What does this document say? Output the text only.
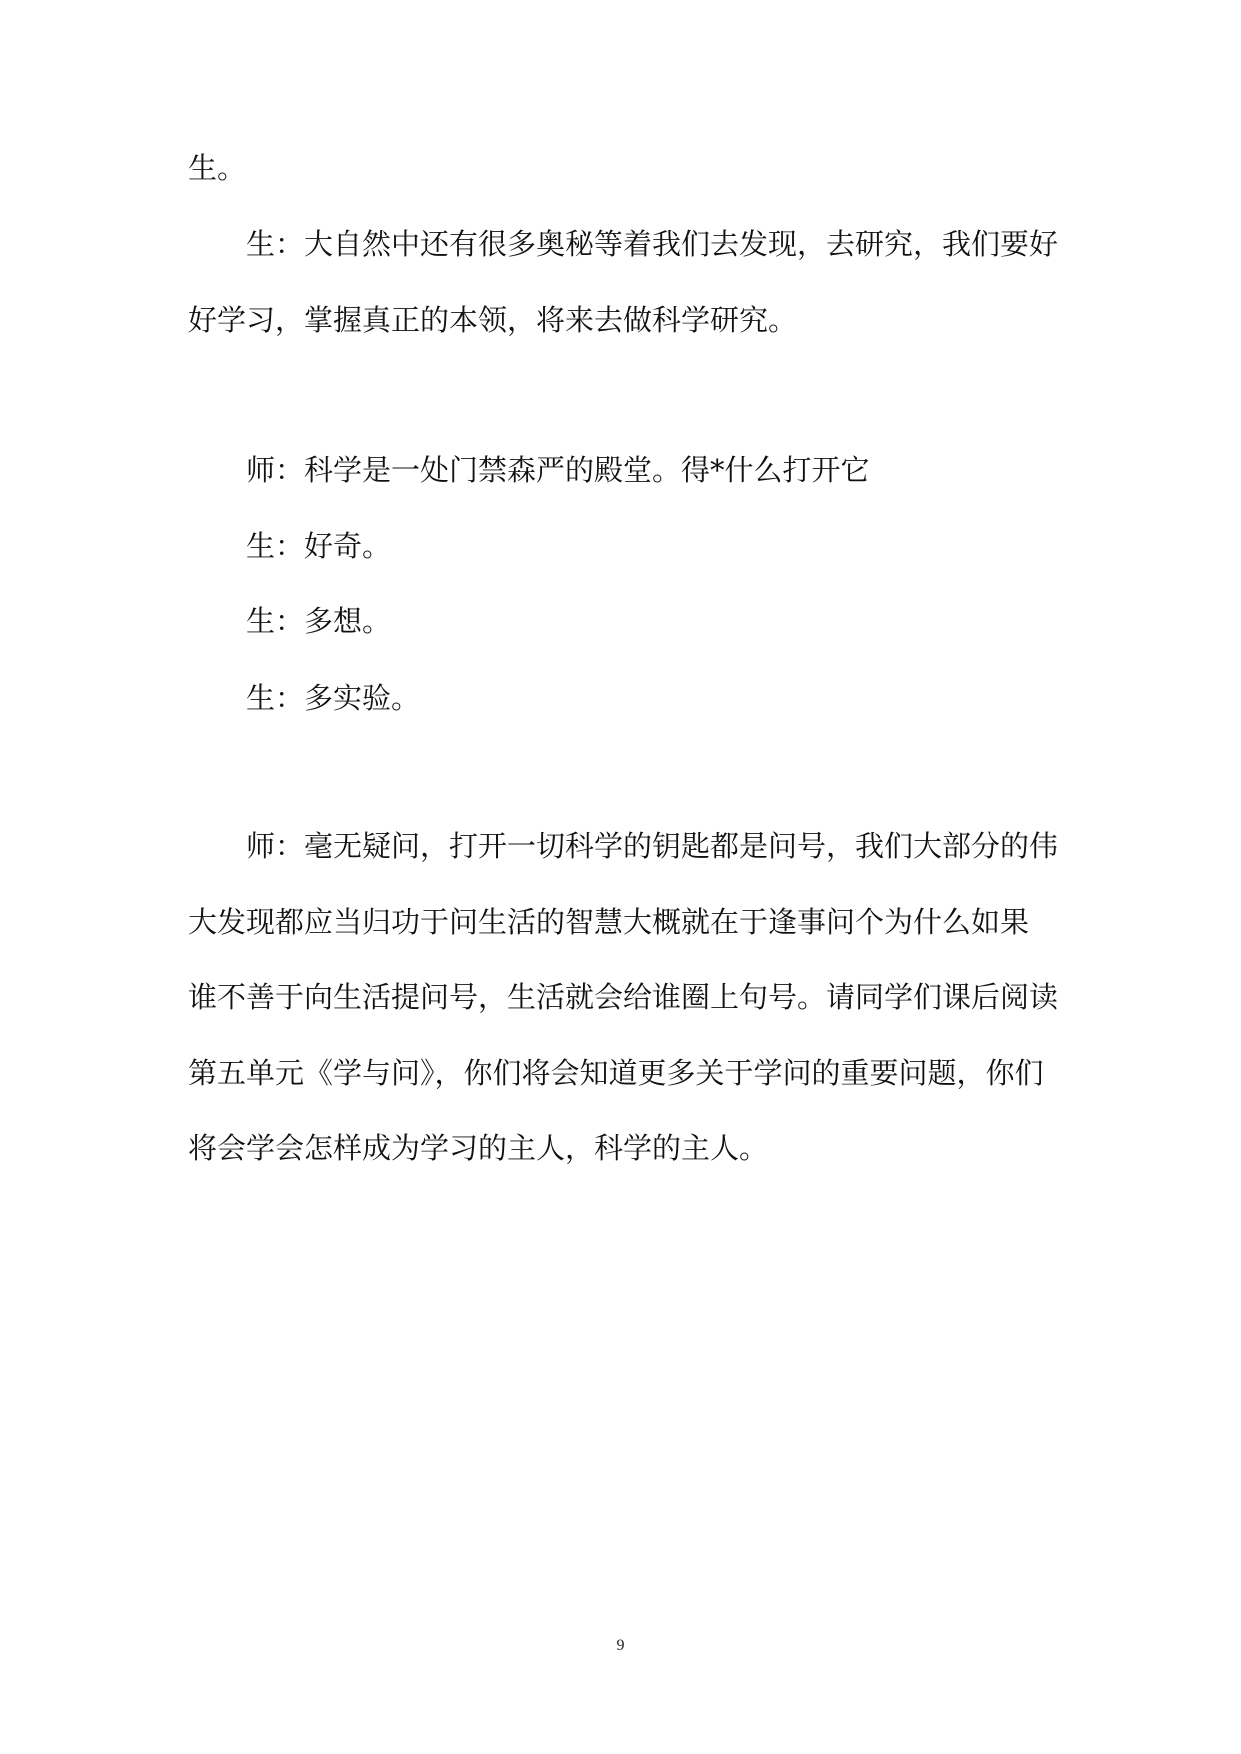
生。

生：大自然中还有很多奥秘等着我们去发现，去研究，我们要好

好学习，掌握真正的本领，将来去做科学研究。

师：科学是一处门禁森严的殿堂。得*什么打开它

生：好奇。

生：多想。

生：多实验。

师：毫无疑问，打开一切科学的钥匙都是问号，我们大部分的伟

大发现都应当归功于问生活的智慧大概就在于逢事问个为什么如果

谁不善于向生活提问号，生活就会给谁圈上句号。请同学们课后阅读

第五单元《学与问》，你们将会知道更多关于学问的重要问题，你们

将会学会怎样成为学习的主人，科学的主人。

9
